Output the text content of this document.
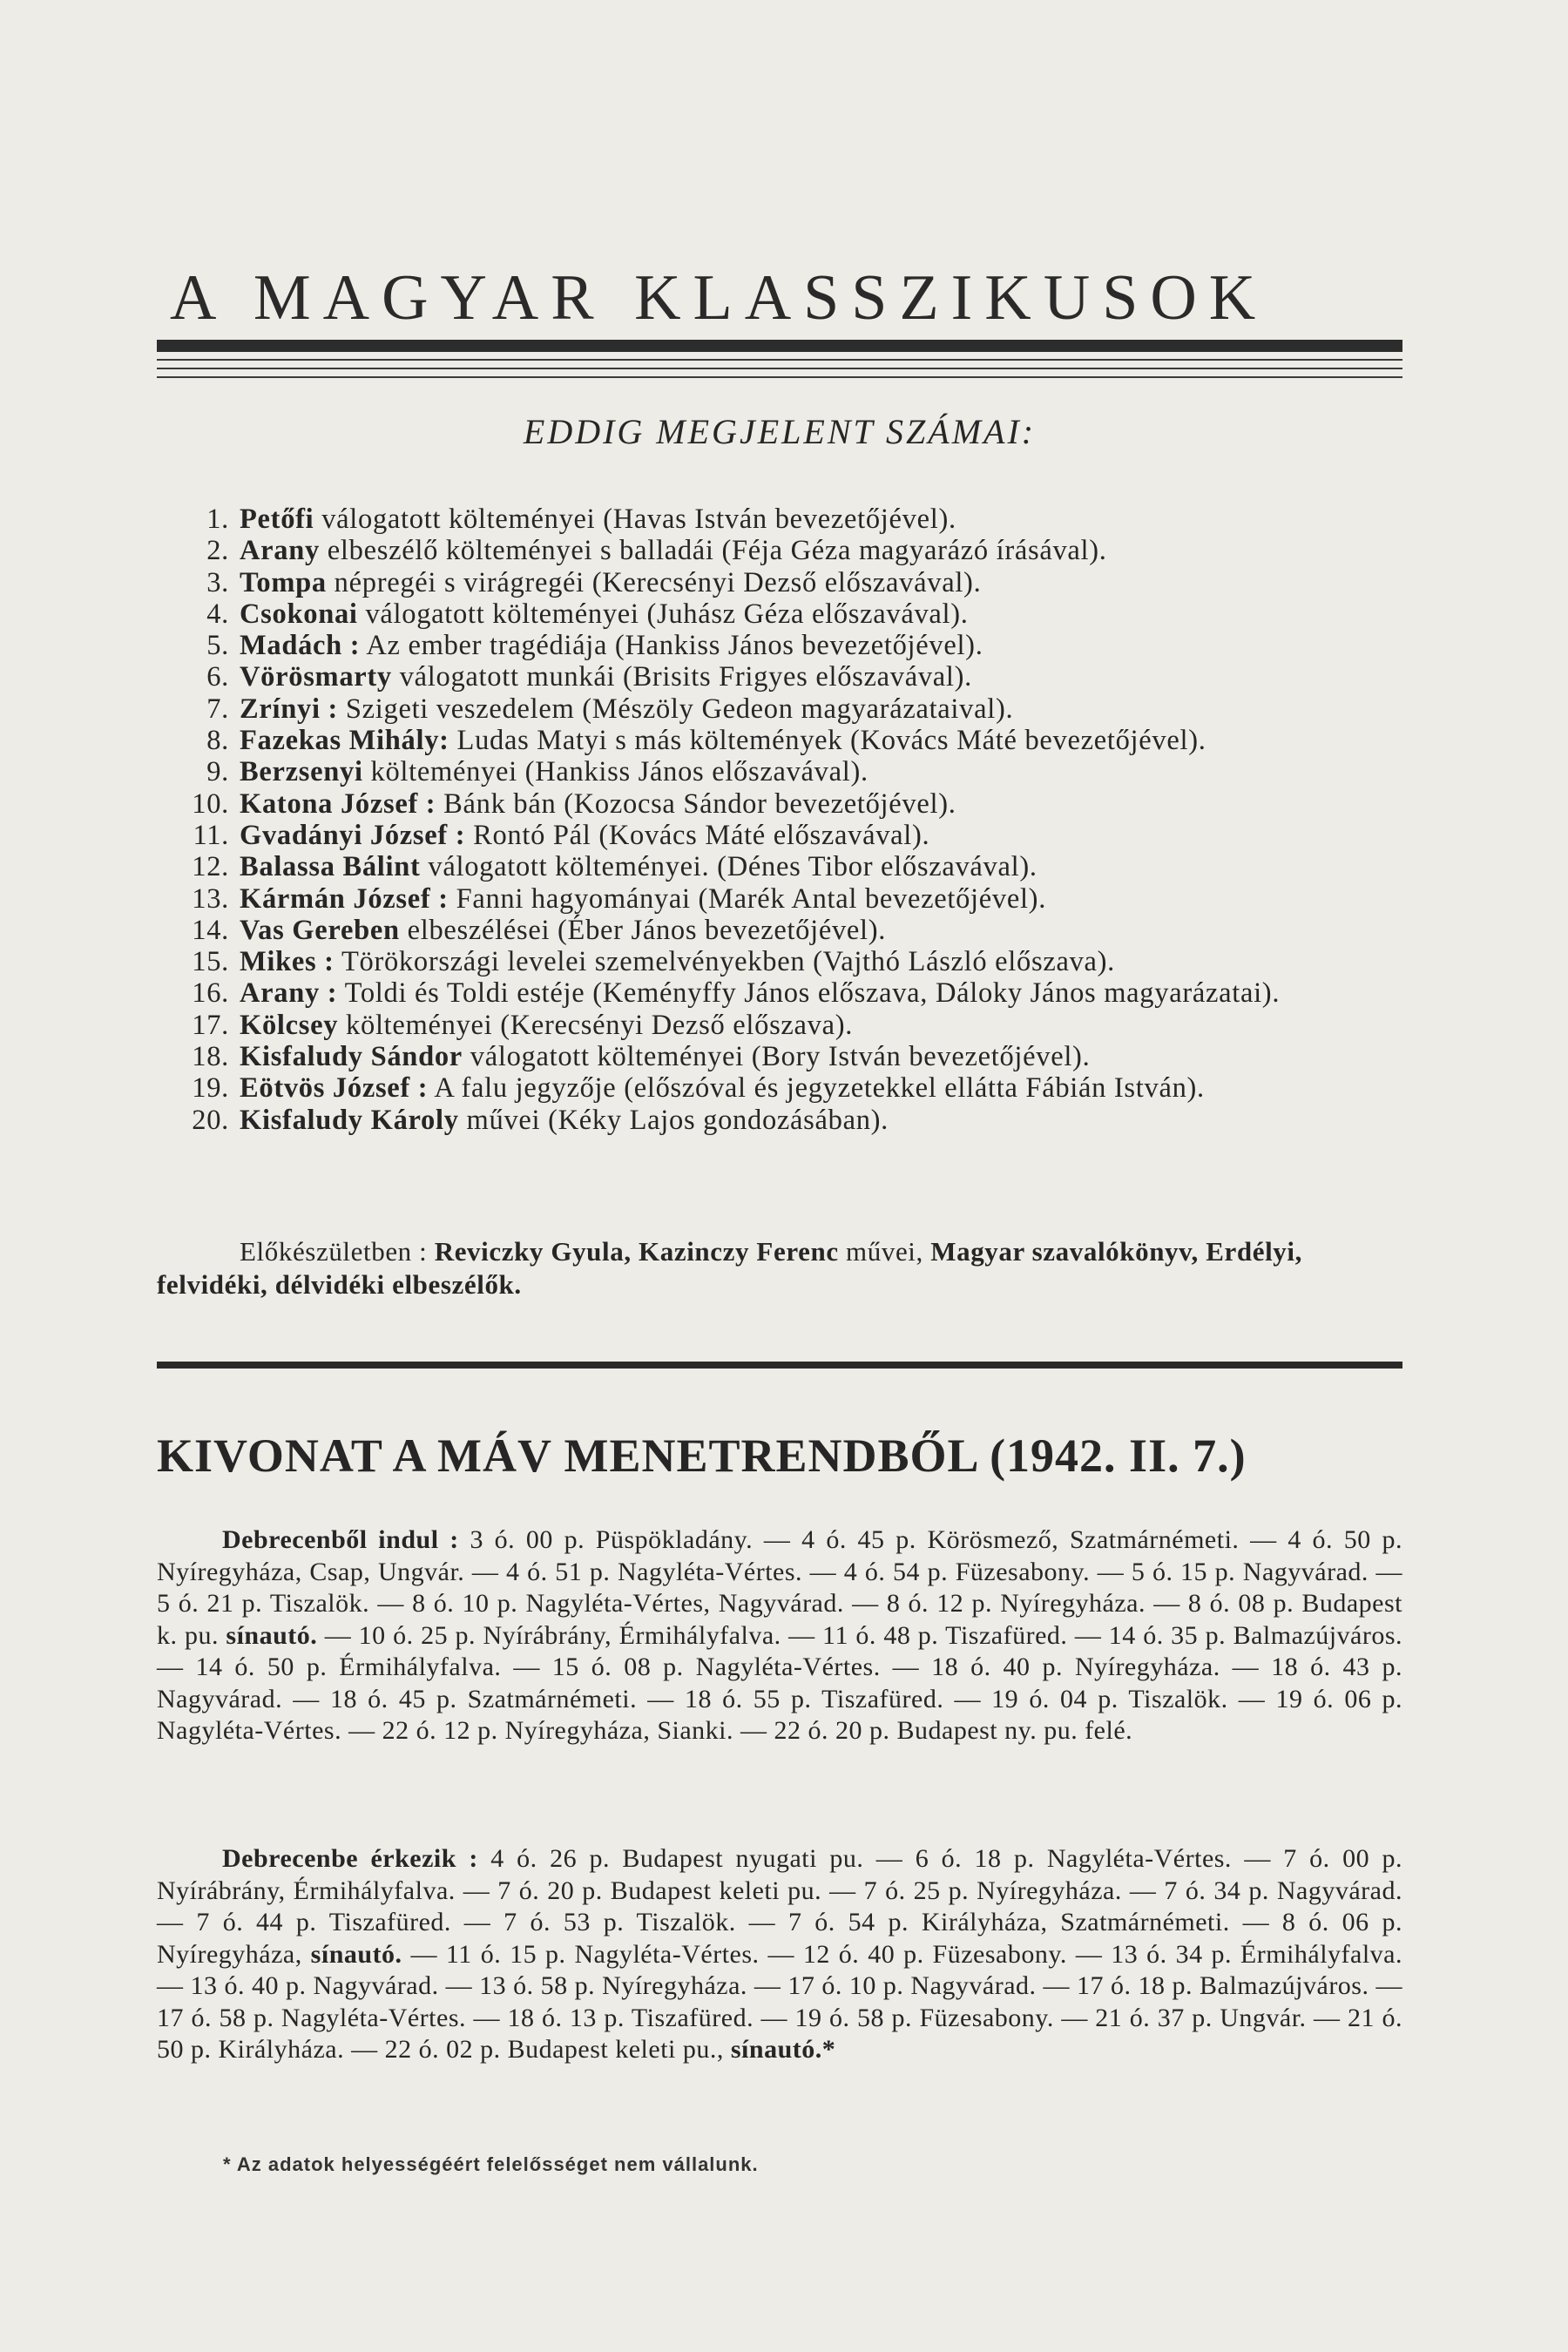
A MAGYAR KLASSZIKUSOK
EDDIG MEGJELENT SZÁMAI:
1. Petőfi válogatott költeményei (Havas István bevezetőjével).
2. Arany elbeszélő költeményei s balladái (Féja Géza magyarázó írásával).
3. Tompa népregéi s virágregéi (Kerecsényi Dezső előszavával).
4. Csokonai válogatott költeményei (Juhász Géza előszavával).
5. Madách : Az ember tragédiája (Hankiss János bevezetőjével).
6. Vörösmarty válogatott munkái (Brisits Frigyes előszavával).
7. Zrínyi : Szigeti veszedelem (Mészöly Gedeon magyarázataival).
8. Fazekas Mihály: Ludas Matyi s más költemények (Kovács Máté bevezetőjével).
9. Berzsenyi költeményei (Hankiss János előszavával).
10. Katona József : Bánk bán (Kozocsa Sándor bevezetőjével).
11. Gvadányi József : Rontó Pál (Kovács Máté előszavával).
12. Balassa Bálint válogatott költeményei. (Dénes Tibor előszavával).
13. Kármán József : Fanni hagyományai (Marék Antal bevezetőjével).
14. Vas Gereben elbeszélései (Éber János bevezetőjével).
15. Mikes : Törökországi levelei szemelvényekben (Vajthó László előszava).
16. Arany : Toldi és Toldi estéje (Keményffy János előszava, Dáloky János magyarázatai).
17. Kölcsey költeményei (Kerecsényi Dezső előszava).
18. Kisfaludy Sándor válogatott költeményei (Bory István bevezetőjével).
19. Eötvös József : A falu jegyzője (előszóval és jegyzetekkel ellátta Fábián István).
20. Kisfaludy Károly művei (Kéky Lajos gondozásában).
Előkészületben : Reviczky Gyula, Kazinczy Ferenc művei, Magyar szavalókönyv, Erdélyi, felvidéki, délvidéki elbeszélők.
KIVONAT A MÁV MENETRENDBŐL (1942. II. 7.)
Debrecenből indul : 3 ó. 00 p. Püspökladány. — 4 ó. 45 p. Körösmező, Szatmárnémeti. — 4 ó. 50 p. Nyíregyháza, Csap, Ungvár. — 4 ó. 51 p. Nagyléta-Vértes. — 4 ó. 54 p. Füzesabony. — 5 ó. 15 p. Nagyvárad. — 5 ó. 21 p. Tiszalök. — 8 ó. 10 p. Nagyléta-Vértes, Nagyvárad. — 8 ó. 12 p. Nyíregyháza. — 8 ó. 08 p. Budapest k. pu. sínautó. — 10 ó. 25 p. Nyírábrány, Érmihályfalva. — 11 ó. 48 p. Tiszafüred. — 14 ó. 35 p. Balmazújváros. — 14 ó. 50 p. Érmihályfalva. — 15 ó. 08 p. Nagyléta-Vértes. — 18 ó. 40 p. Nyíregyháza. — 18 ó. 43 p. Nagyvárad. — 18 ó. 45 p. Szatmárnémeti. — 18 ó. 55 p. Tiszafüred. — 19 ó. 04 p. Tiszalök. — 19 ó. 06 p. Nagyléta-Vértes. — 22 ó. 12 p. Nyíregyháza, Sianki. — 22 ó. 20 p. Budapest ny. pu. felé.
Debrecenbe érkezik : 4 ó. 26 p. Budapest nyugati pu. — 6 ó. 18 p. Nagyléta-Vértes. — 7 ó. 00 p. Nyírábrány, Érmihályfalva. — 7 ó. 20 p. Budapest keleti pu. — 7 ó. 25 p. Nyíregyháza. — 7 ó. 34 p. Nagyvárad. — 7 ó. 44 p. Tiszafüred. — 7 ó. 53 p. Tiszalök. — 7 ó. 54 p. Királyháza, Szatmárnémeti. — 8 ó. 06 p. Nyíregyháza, sínautó. — 11 ó. 15 p. Nagyléta-Vértes. — 12 ó. 40 p. Füzesabony. — 13 ó. 34 p. Érmihályfalva. — 13 ó. 40 p. Nagyvárad. — 13 ó. 58 p. Nyíregyháza. — 17 ó. 10 p. Nagyvárad. — 17 ó. 18 p. Balmazújváros. — 17 ó. 58 p. Nagyléta-Vértes. — 18 ó. 13 p. Tiszafüred. — 19 ó. 58 p. Füzesabony. — 21 ó. 37 p. Ungvár. — 21 ó. 50 p. Királyháza. — 22 ó. 02 p. Budapest keleti pu., sínautó.*
* Az adatok helyességéért felelősséget nem vállalunk.
